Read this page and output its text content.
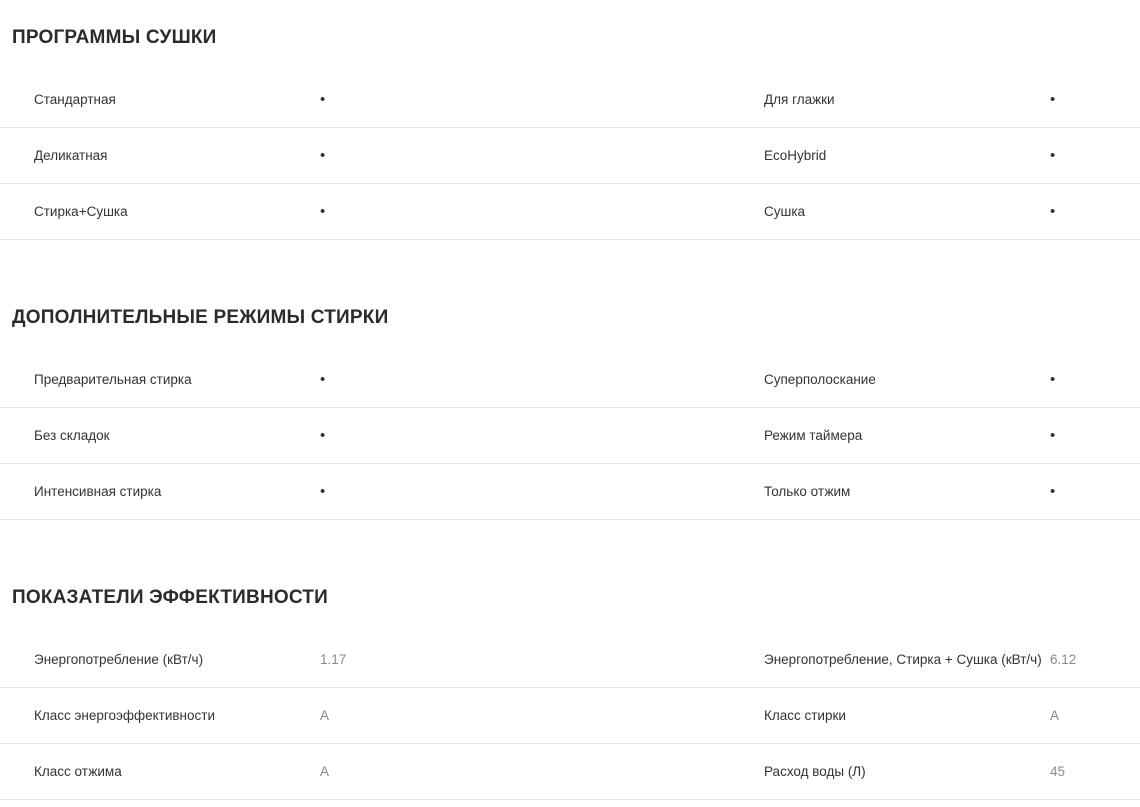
ПРОГРАММЫ СУШКИ
Стандартная	•	Для глажки	•
Деликатная	•	EcoHybrid	•
Стирка+Сушка	•	Сушка	•
ДОПОЛНИТЕЛЬНЫЕ РЕЖИМЫ СТИРКИ
Предварительная стирка	•	Суперполоскание	•
Без складок	•	Режим таймера	•
Интенсивная стирка	•	Только отжим	•
ПОКАЗАТЕЛИ ЭФФЕКТИВНОСТИ
Энергопотребление (кВт/ч)	1.17	Энергопотребление, Стирка + Сушка (кВт/ч)	6.12
Класс энергоэффективности	A	Класс стирки	A
Класс отжима	A	Расход воды (Л)	45
